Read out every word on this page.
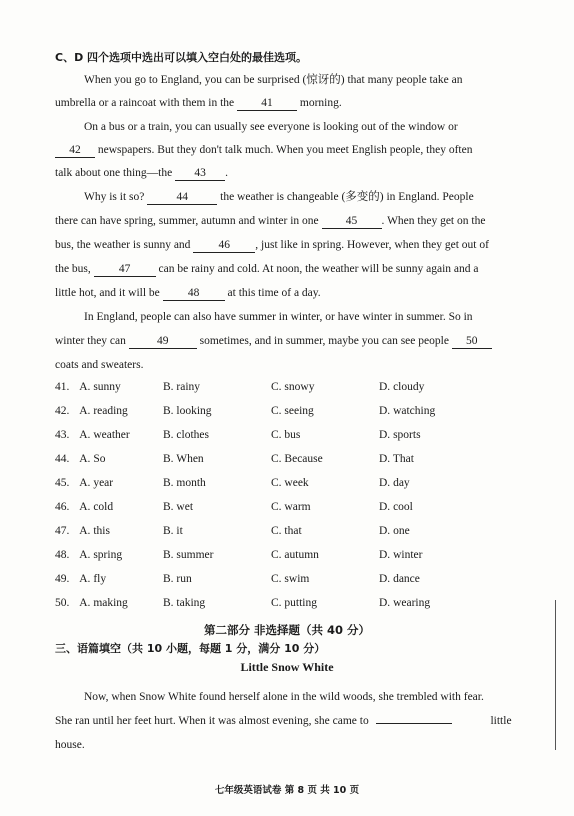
C、D 四个选项中选出可以填入空白处的最佳选项。
When you go to England, you can be surprised (惊讶的) that many people take an
umbrella or a raincoat with them in the 41 morning.
On a bus or a train, you can usually see everyone is looking out of the window or
42 newspapers. But they don't talk much. When you meet English people, they often
talk about one thing—the 43 .
Why is it so?	44	the weather is changeable (多变的) in England. People
there can have spring, summer, autumn and winter in one 45 . When they get on the
bus, the weather is sunny and 46 , just like in spring. However, when they get out of
the bus, 47 can be rainy and cold. At noon, the weather will be sunny again and a
little hot, and it will be 48 at this time of a day.
In England, people can also have summer in winter, or have winter in summer. So in
winter they can	49	sometimes, and in summer, maybe you can see people 50
coats and sweaters.
41. A. sunny	B. rainy	C. snowy	D. cloudy
42. A. reading	B. looking	C. seeing	D. watching
43. A. weather	B. clothes	C. bus	D. sports
44. A. So	B. When	C. Because	D. That
45. A. year	B. month	C. week	D. day
46. A. cold	B. wet	C. warm	D. cool
47. A. this	B. it	C. that	D. one
48. A. spring	B. summer	C. autumn	D. winter
49. A. fly	B. run	C. swim	D. dance
50. A. making	B. taking	C. putting	D. wearing
第二部分 非选择题（共 40 分）
三、语篇填空（共 10 小题，每题 1 分，满分 10 分）
Little Snow White
Now, when Snow White found herself alone in the wild woods, she trembled with fear.
She ran until her feet hurt. When it was almost evening, she came to	little
house.
七年级英语试卷 第 8 页 共 10 页
